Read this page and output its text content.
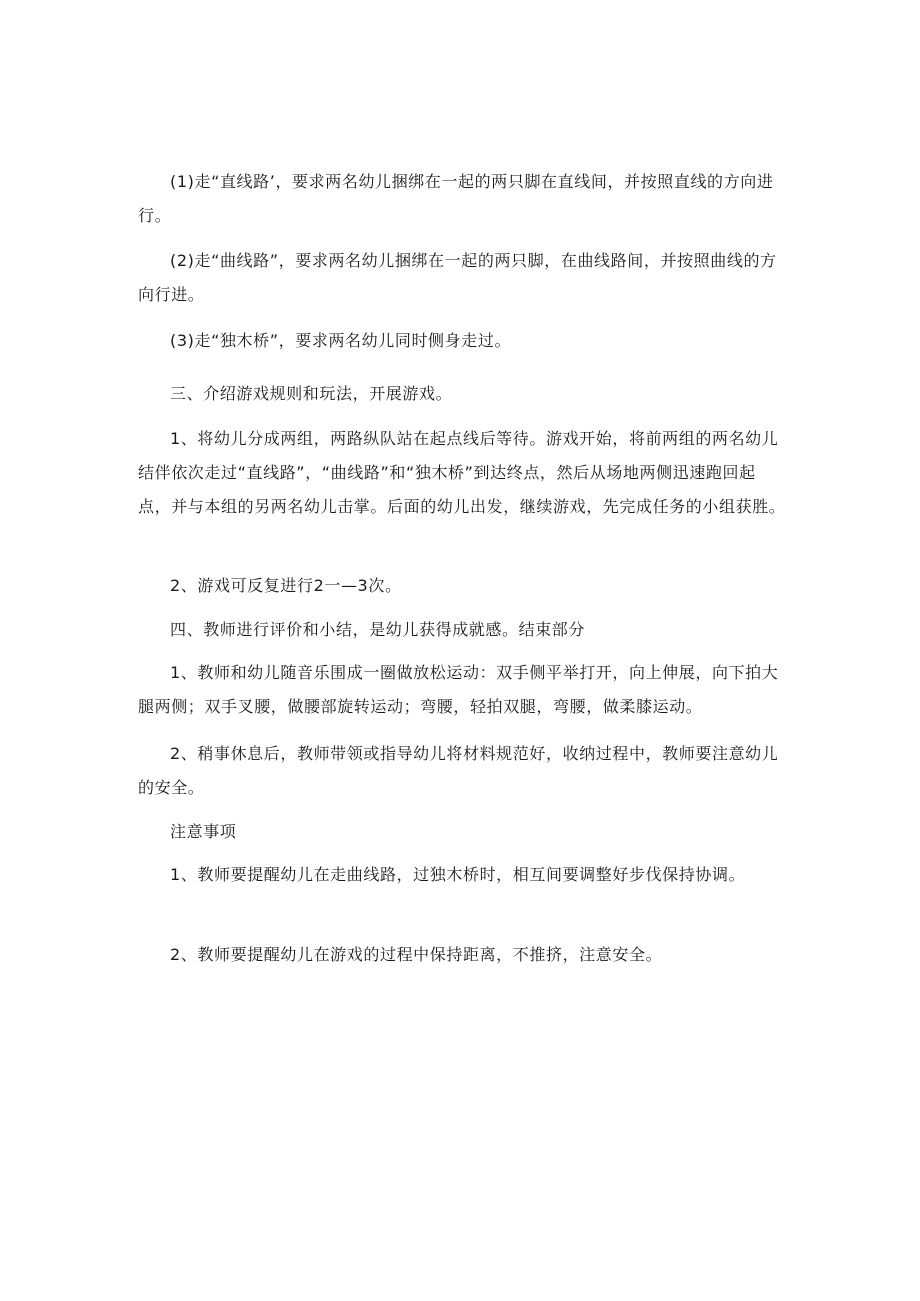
(1)走“直线路’，要求两名幼儿捆绑在一起的两只脚在直线间，并按照直线的方向进行。

(2)走“曲线路”，要求两名幼儿捆绑在一起的两只脚，在曲线路间，并按照曲线的方向行进。

(3)走“独木桥”，要求两名幼儿同时侧身走过。

三、介绍游戏规则和玩法，开展游戏。

1、将幼儿分成两组，两路纵队站在起点线后等待。游戏开始，将前两组的两名幼儿结伴依次走过“直线路”，“曲线路”和“独木桥”到达终点，然后从场地两侧迅速跑回起点，并与本组的另两名幼儿击掌。后面的幼儿出发，继续游戏，先完成任务的小组获胜。

2、游戏可反复进行2一—3次。

四、教师进行评价和小结，是幼儿获得成就感。结束部分

1、教师和幼儿随音乐围成一圈做放松运动：双手侧平举打开，向上伸展，向下拍大腿两侧；双手叉腰，做腰部旋转运动；弯腰，轻拍双腿，弯腰，做柔膝运动。

2、稍事休息后，教师带领或指导幼儿将材料规范好，收纳过程中，教师要注意幼儿的安全。

注意事项

1、教师要提醒幼儿在走曲线路，过独木桥时，相互间要调整好步伐保持协调。

2、教师要提醒幼儿在游戏的过程中保持距离，不推挤，注意安全。
